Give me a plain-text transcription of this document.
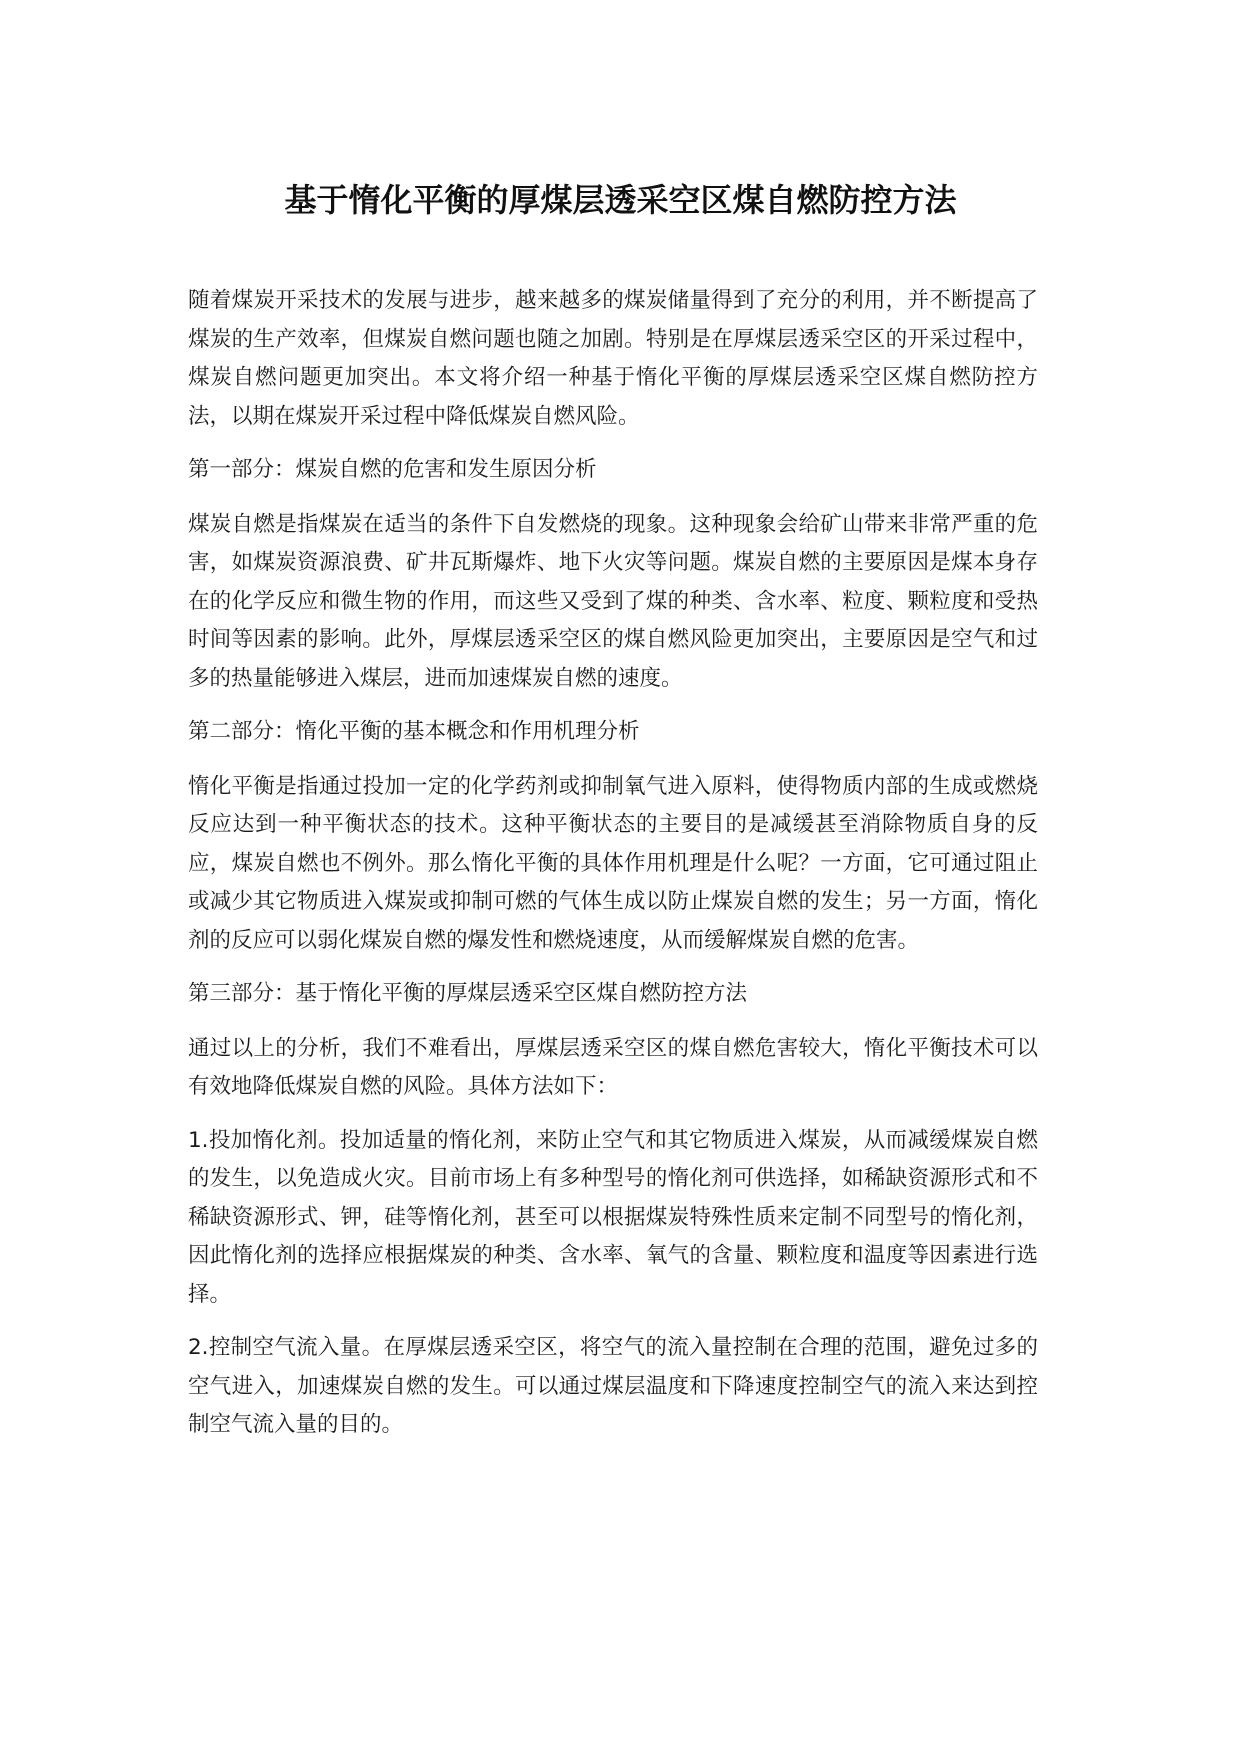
基于惰化平衡的厚煤层透采空区煤自燃防控方法

随着煤炭开采技术的发展与进步，越来越多的煤炭储量得到了充分的利用，并不断提高了煤炭的生产效率，但煤炭自燃问题也随之加剧。特别是在厚煤层透采空区的开采过程中，煤炭自燃问题更加突出。本文将介绍一种基于惰化平衡的厚煤层透采空区煤自燃防控方法，以期在煤炭开采过程中降低煤炭自燃风险。

第一部分：煤炭自燃的危害和发生原因分析

煤炭自燃是指煤炭在适当的条件下自发燃烧的现象。这种现象会给矿山带来非常严重的危害，如煤炭资源浪费、矿井瓦斯爆炸、地下火灾等问题。煤炭自燃的主要原因是煤本身存在的化学反应和微生物的作用，而这些又受到了煤的种类、含水率、粒度、颗粒度和受热时间等因素的影响。此外，厚煤层透采空区的煤自燃风险更加突出，主要原因是空气和过多的热量能够进入煤层，进而加速煤炭自燃的速度。

第二部分：惰化平衡的基本概念和作用机理分析

惰化平衡是指通过投加一定的化学药剂或抑制氧气进入原料，使得物质内部的生成或燃烧反应达到一种平衡状态的技术。这种平衡状态的主要目的是减缓甚至消除物质自身的反应，煤炭自燃也不例外。那么惰化平衡的具体作用机理是什么呢？一方面，它可通过阻止或减少其它物质进入煤炭或抑制可燃的气体生成以防止煤炭自燃的发生；另一方面，惰化剂的反应可以弱化煤炭自燃的爆发性和燃烧速度，从而缓解煤炭自燃的危害。

第三部分：基于惰化平衡的厚煤层透采空区煤自燃防控方法

通过以上的分析，我们不难看出，厚煤层透采空区的煤自燃危害较大，惰化平衡技术可以有效地降低煤炭自燃的风险。具体方法如下：

1.投加惰化剂。投加适量的惰化剂，来防止空气和其它物质进入煤炭，从而减缓煤炭自燃的发生，以免造成火灾。目前市场上有多种型号的惰化剂可供选择，如稀缺资源形式和不稀缺资源形式、钾，硅等惰化剂，甚至可以根据煤炭特殊性质来定制不同型号的惰化剂，因此惰化剂的选择应根据煤炭的种类、含水率、氧气的含量、颗粒度和温度等因素进行选择。

2.控制空气流入量。在厚煤层透采空区，将空气的流入量控制在合理的范围，避免过多的空气进入，加速煤炭自燃的发生。可以通过煤层温度和下降速度控制空气的流入来达到控制空气流入量的目的。
